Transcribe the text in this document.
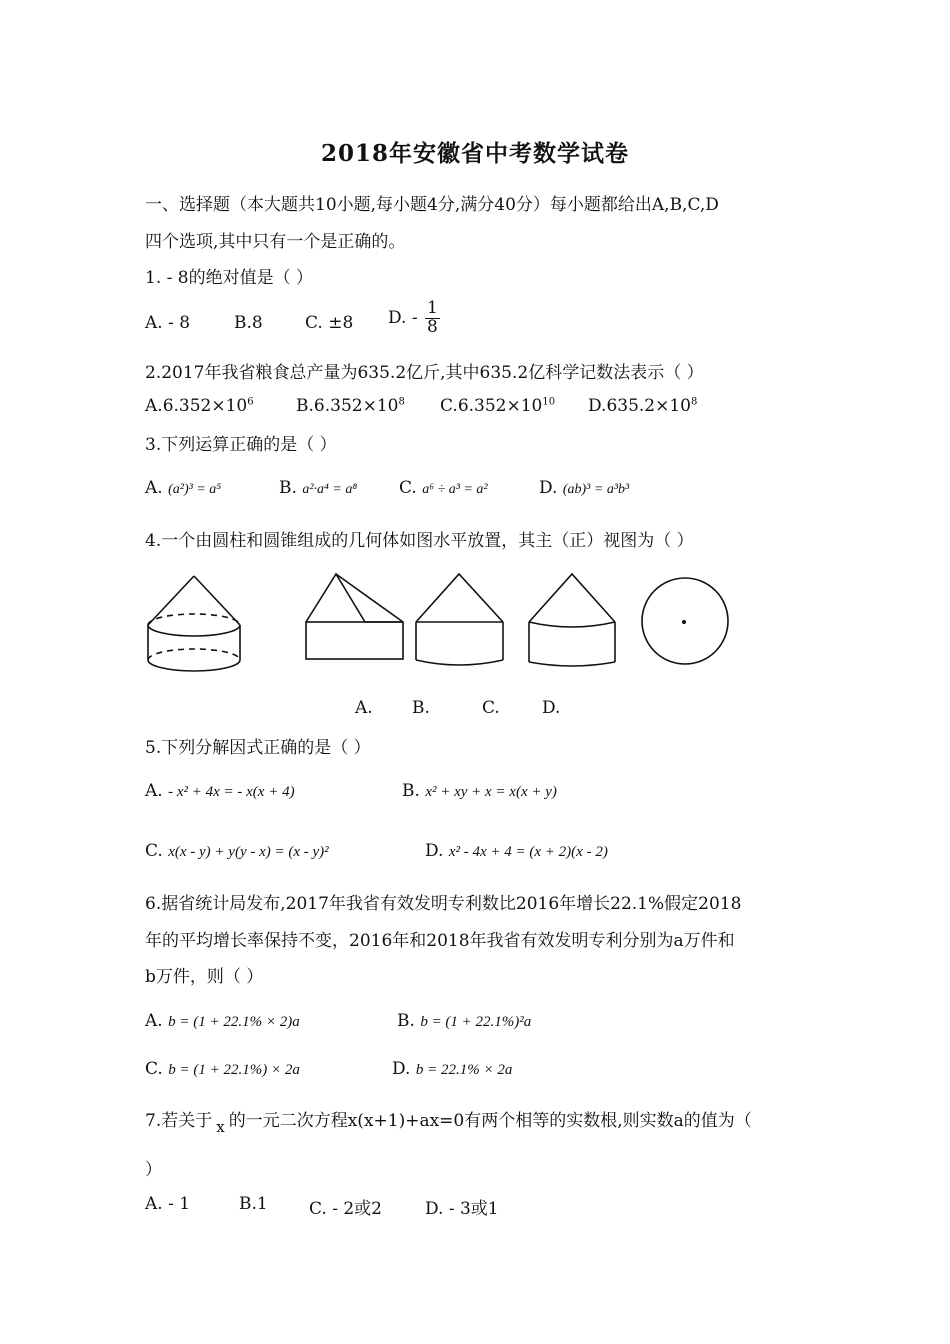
2018年安徽省中考数学试卷
一、选择题（本大题共10小题,每小题4分,满分40分）每小题都给出A,B,C,D
四个选项,其中只有一个是正确的。
1. - 8的绝对值是（ ）
A. - 8	B.8 C. ±8 D. - $\frac{1}{8}$
2.2017年我省粮食总产量为635.2亿斤,其中635.2亿科学记数法表示（ ）
$A.6.352\times 10^6$ $B.6.352\times 10^8$ $C.6.352\times 10^{10}$ $D.635.2\times 10^8$
3.下列运算正确的是（ ）
A. (a²)³ = a⁵	B. a²·a⁴ = a⁸ C. a⁶ ÷ a³ = a²	D. (ab)³ = a³b³
4.一个由圆柱和圆锥组成的几何体如图水平放置，其主（正）视图为（ ）
A. B.	C. D.
5.下列分解因式正确的是（ ）
A. - x² + 4x = - x(x + 4)	B. x² + xy + x = x(x + y)
C. x(x - y) + y(y - x) = (x - y)²	D. x² - 4x + 4 = (x + 2)(x - 2)
6.据省统计局发布,2017年我省有效发明专利数比2016年增长22.1%假定2018
年的平均增长率保持不变，2016年和2018年我省有效发明专利分别为a万件和
b万件，则（ ）
A. b = (1 + 22.1% × 2)a	B. b = (1 + 22.1%)²a
C. b = (1 + 22.1%) × 2a	D. b = 22.1% × 2a
7.若关于 x 的一元二次方程x(x+1)+ax=0有两个相等的实数根,则实数a的值为（
）
A. - 1	B.1 C. - 2或2	D. - 3或1
